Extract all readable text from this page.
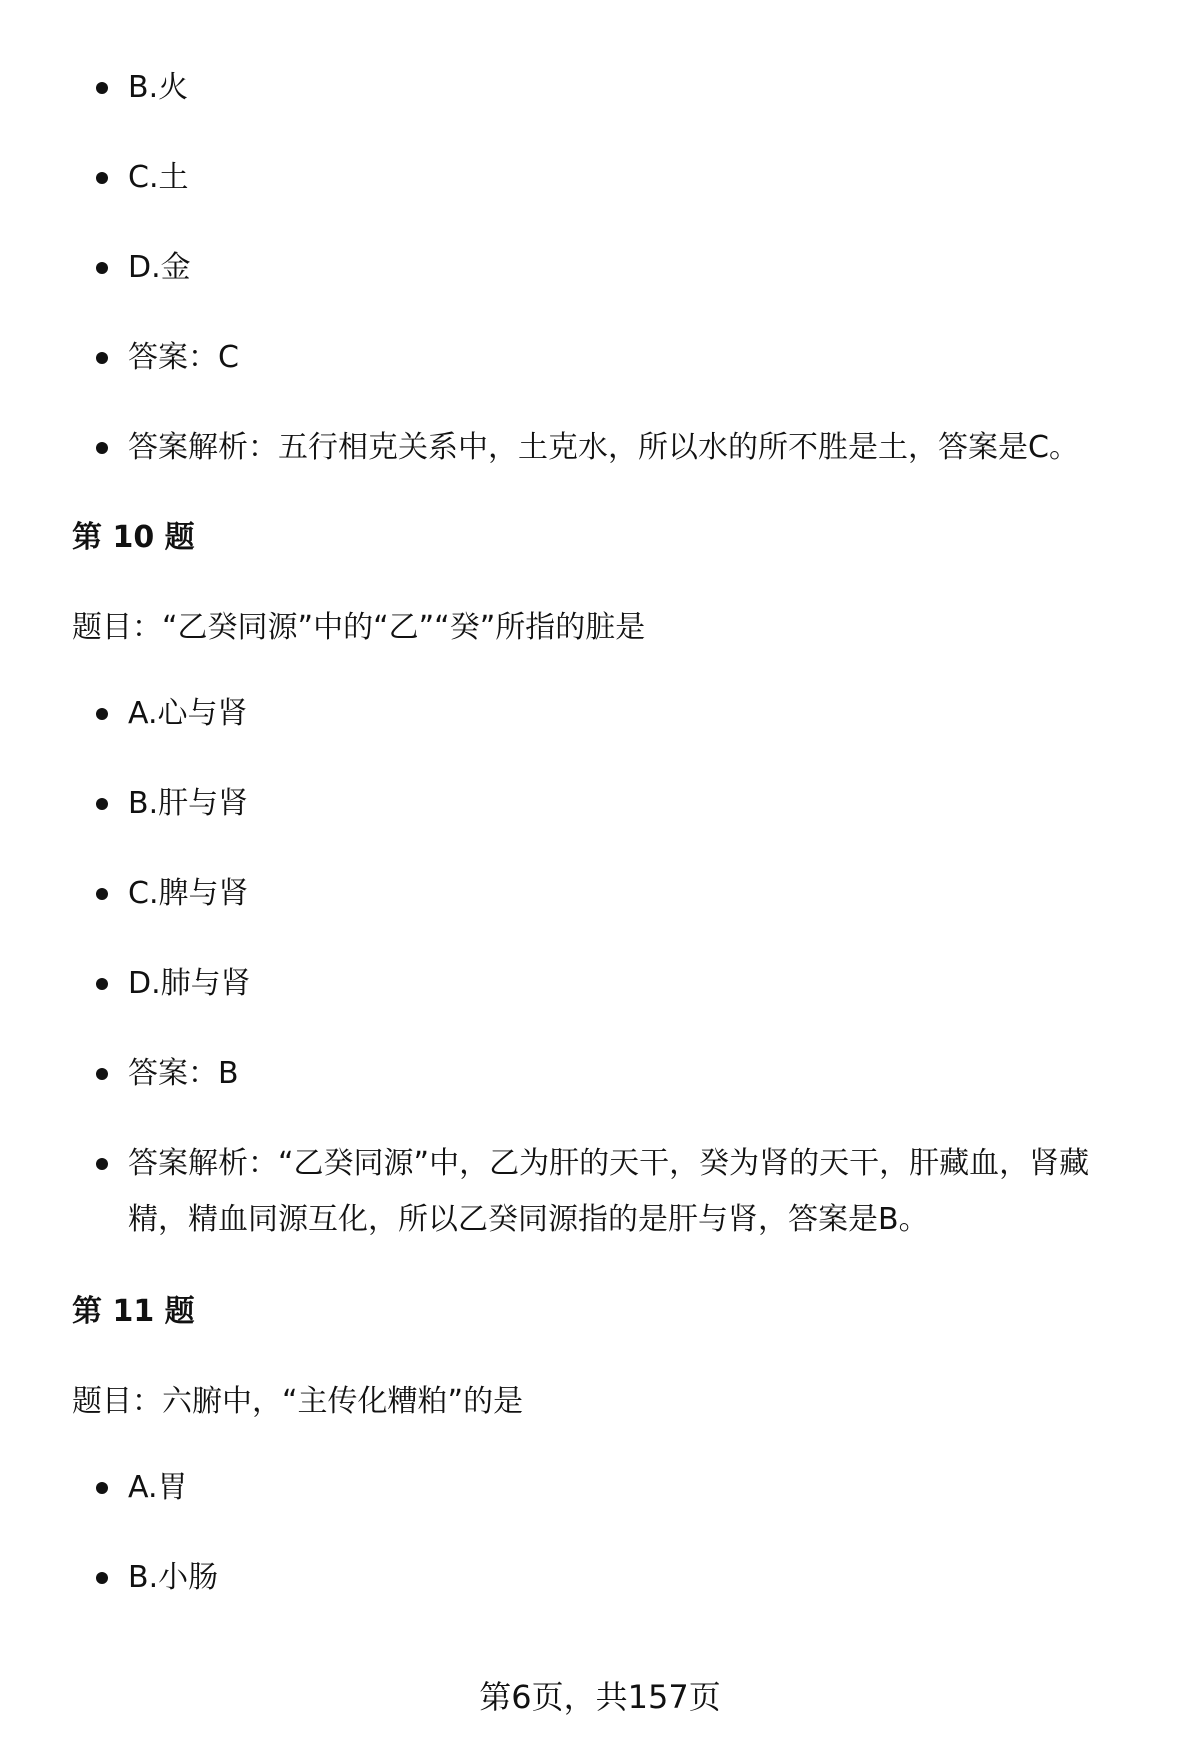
B.火
C.土
D.金
答案：C
答案解析：五行相克关系中，土克水，所以水的所不胜是土，答案是C。
第 10 题
题目：“乙癸同源”中的“乙”“癸”所指的脏是
A.心与肾
B.肝与肾
C.脾与肾
D.肺与肾
答案：B
答案解析：“乙癸同源”中，乙为肝的天干，癸为肾的天干，肝藏血，肾藏
精，精血同源互化，所以乙癸同源指的是肝与肾，答案是B。
第 11 题
题目：六腑中，“主传化糟粕”的是
A.胃
B.小肠
第6页，共157页
